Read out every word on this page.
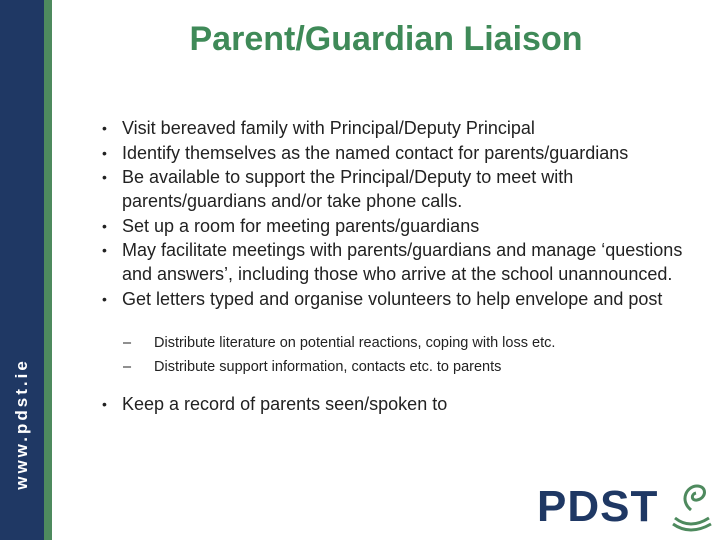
www.pdst.ie
Parent/Guardian Liaison
• Visit bereaved family with Principal/Deputy Principal
• Identify themselves as the named contact for parents/guardians
• Be available to support the Principal/Deputy to meet with parents/guardians and/or take phone calls.
• Set up a room for meeting parents/guardians
• May facilitate meetings with parents/guardians and manage ‘questions and answers’, including those who arrive at the school unannounced.
• Get letters typed and organise volunteers to help envelope and post
– Distribute literature on potential reactions, coping with loss etc.
– Distribute support information, contacts etc. to parents
• Keep a record of parents seen/spoken to
PDST
